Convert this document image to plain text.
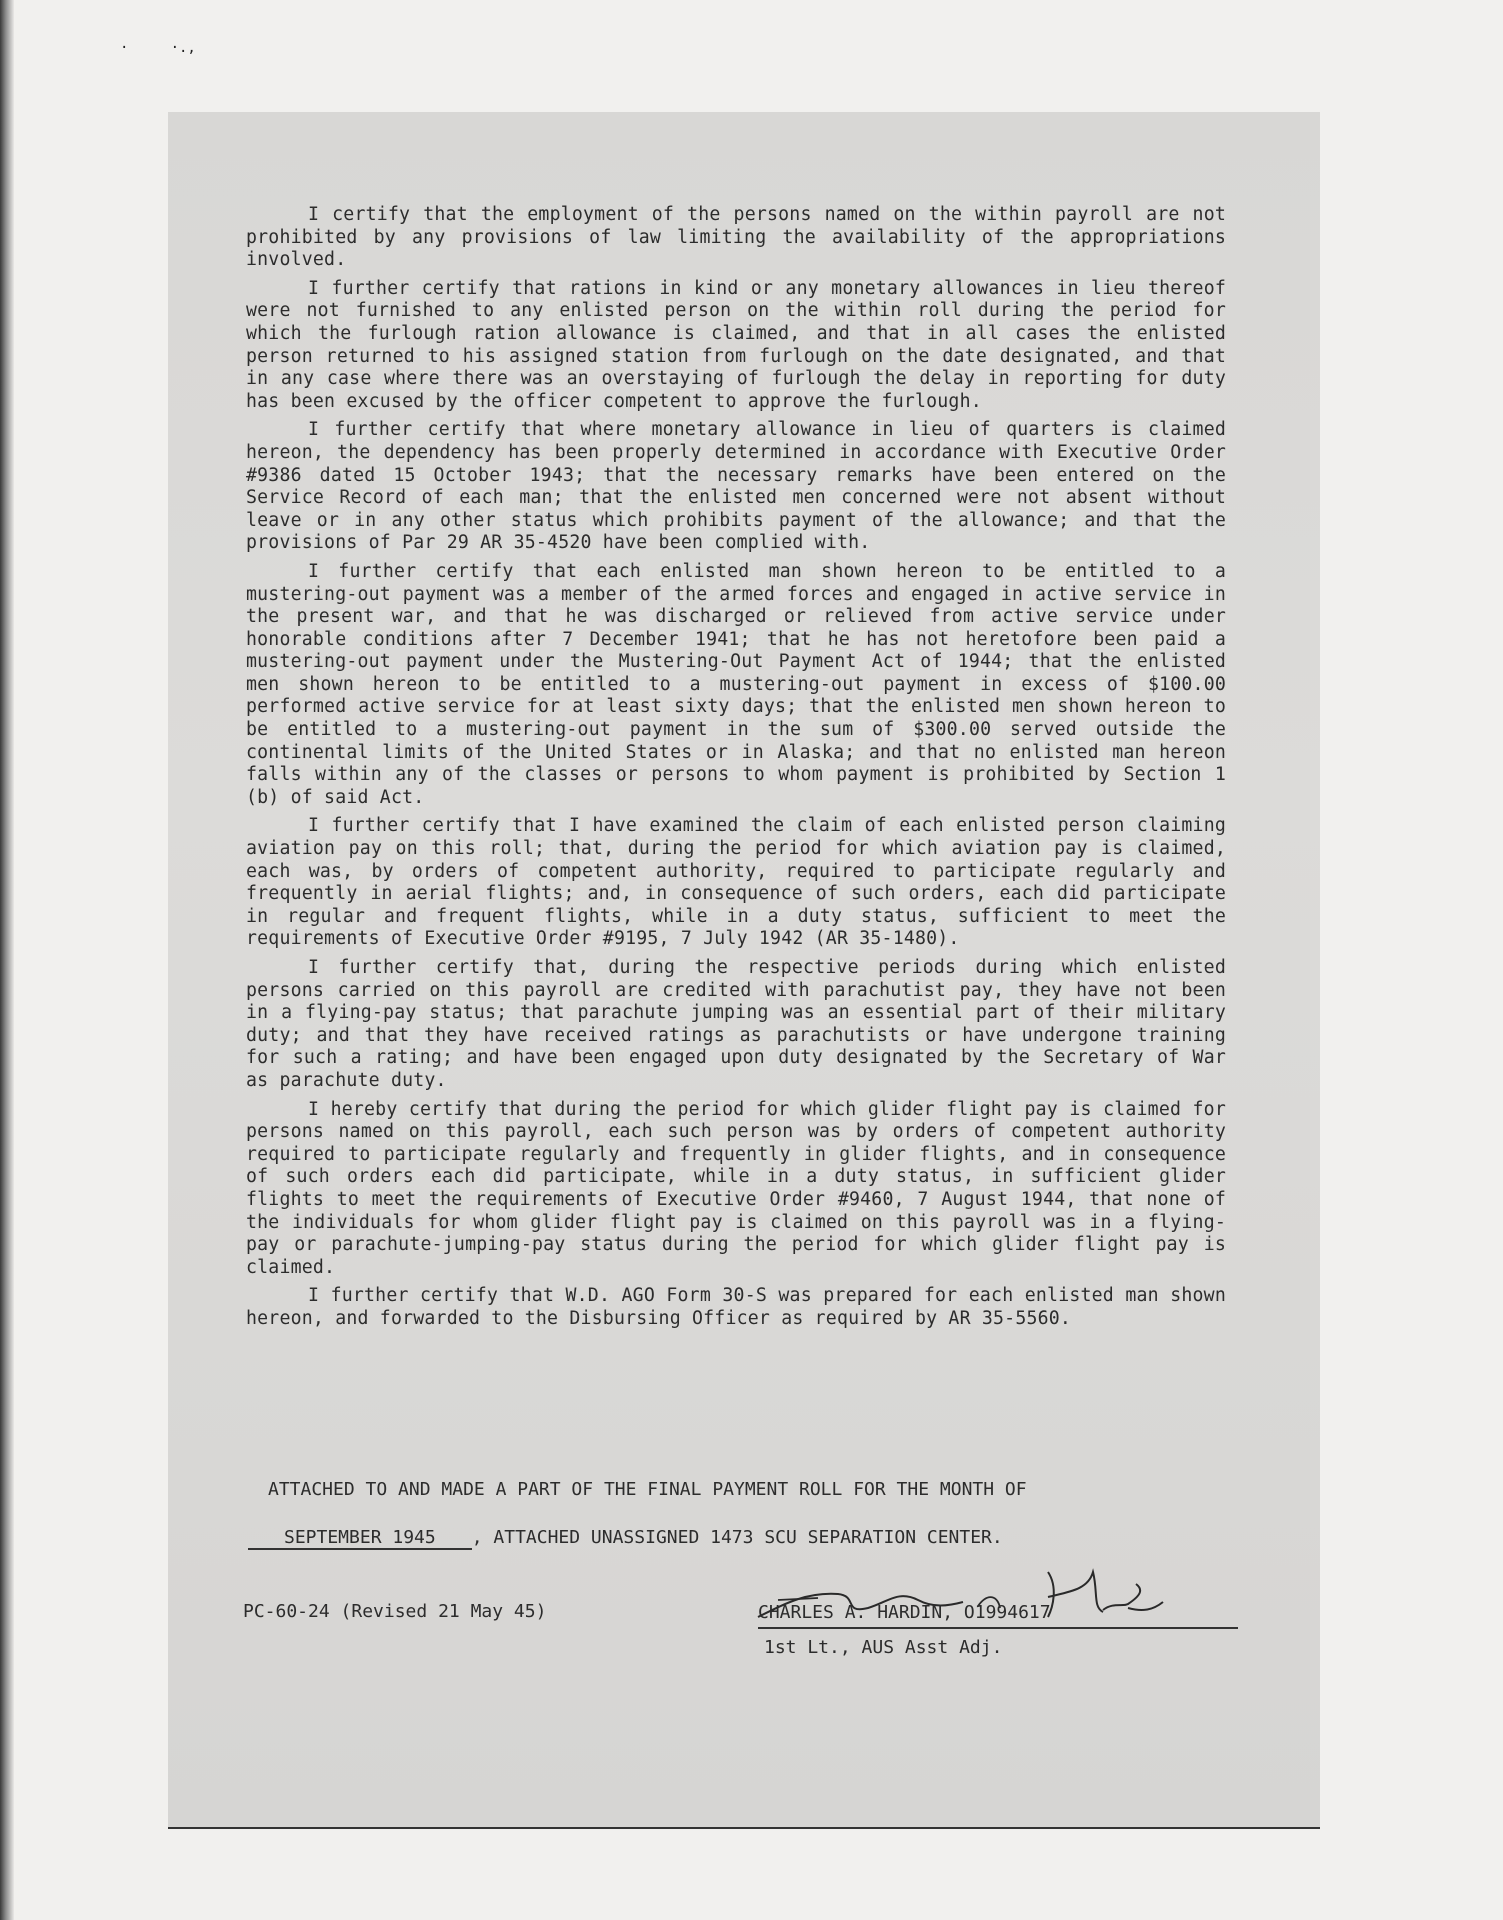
·     ·.,

I certify that the employment of the persons named on the within payroll are not prohibited by any provisions of law limiting the availability of the appropriations involved.

I further certify that rations in kind or any monetary allowances in lieu thereof were not furnished to any enlisted person on the within roll during the period for which the furlough ration allowance is claimed, and that in all cases the enlisted person returned to his assigned station from furlough on the date designated, and that in any case where there was an overstaying of furlough the delay in reporting for duty has been excused by the officer competent to approve the furlough.

I further certify that where monetary allowance in lieu of quarters is claimed hereon, the dependency has been properly determined in accordance with Executive Order #9386 dated 15 October 1943; that the necessary remarks have been entered on the Service Record of each man; that the enlisted men concerned were not absent without leave or in any other status which prohibits payment of the allowance; and that the provisions of Par 29 AR 35-4520 have been complied with.

I further certify that each enlisted man shown hereon to be entitled to a mustering-out payment was a member of the armed forces and engaged in active service in the present war, and that he was discharged or relieved from active service under honorable conditions after 7 December 1941; that he has not heretofore been paid a mustering-out payment under the Mustering-Out Payment Act of 1944; that the enlisted men shown hereon to be entitled to a mustering-out payment in excess of $100.00 performed active service for at least sixty days; that the enlisted men shown hereon to be entitled to a mustering-out payment in the sum of $300.00 served outside the continental limits of the United States or in Alaska; and that no enlisted man hereon falls within any of the classes or persons to whom payment is prohibited by Section 1 (b) of said Act.

I further certify that I have examined the claim of each enlisted person claiming aviation pay on this roll; that, during the period for which aviation pay is claimed, each was, by orders of competent authority, required to participate regularly and frequently in aerial flights; and, in consequence of such orders, each did participate in regular and frequent flights, while in a duty status, sufficient to meet the requirements of Executive Order #9195, 7 July 1942 (AR 35-1480).

I further certify that, during the respective periods during which enlisted persons carried on this payroll are credited with parachutist pay, they have not been in a flying-pay status; that parachute jumping was an essential part of their military duty; and that they have received ratings as parachutists or have undergone training for such a rating; and have been engaged upon duty designated by the Secretary of War as parachute duty.

I hereby certify that during the period for which glider flight pay is claimed for persons named on this payroll, each such person was by orders of competent authority required to participate regularly and frequently in glider flights, and in consequence of such orders each did participate, while in a duty status, in sufficient glider flights to meet the requirements of Executive Order #9460, 7 August 1944, that none of the individuals for whom glider flight pay is claimed on this payroll was in a flying-pay or parachute-jumping-pay status during the period for which glider flight pay is claimed.

I further certify that W.D. AGO Form 30-S was prepared for each enlisted man shown hereon, and forwarded to the Disbursing Officer as required by AR 35-5560.

ATTACHED TO AND MADE A PART OF THE FINAL PAYMENT ROLL FOR THE MONTH OF
SEPTEMBER 1945 , ATTACHED UNASSIGNED 1473 SCU SEPARATION CENTER.
PC-60-24 (Revised 21 May 45)	CHARLES A. HARDIN, O1994617
1st Lt., AUS Asst Adj.
